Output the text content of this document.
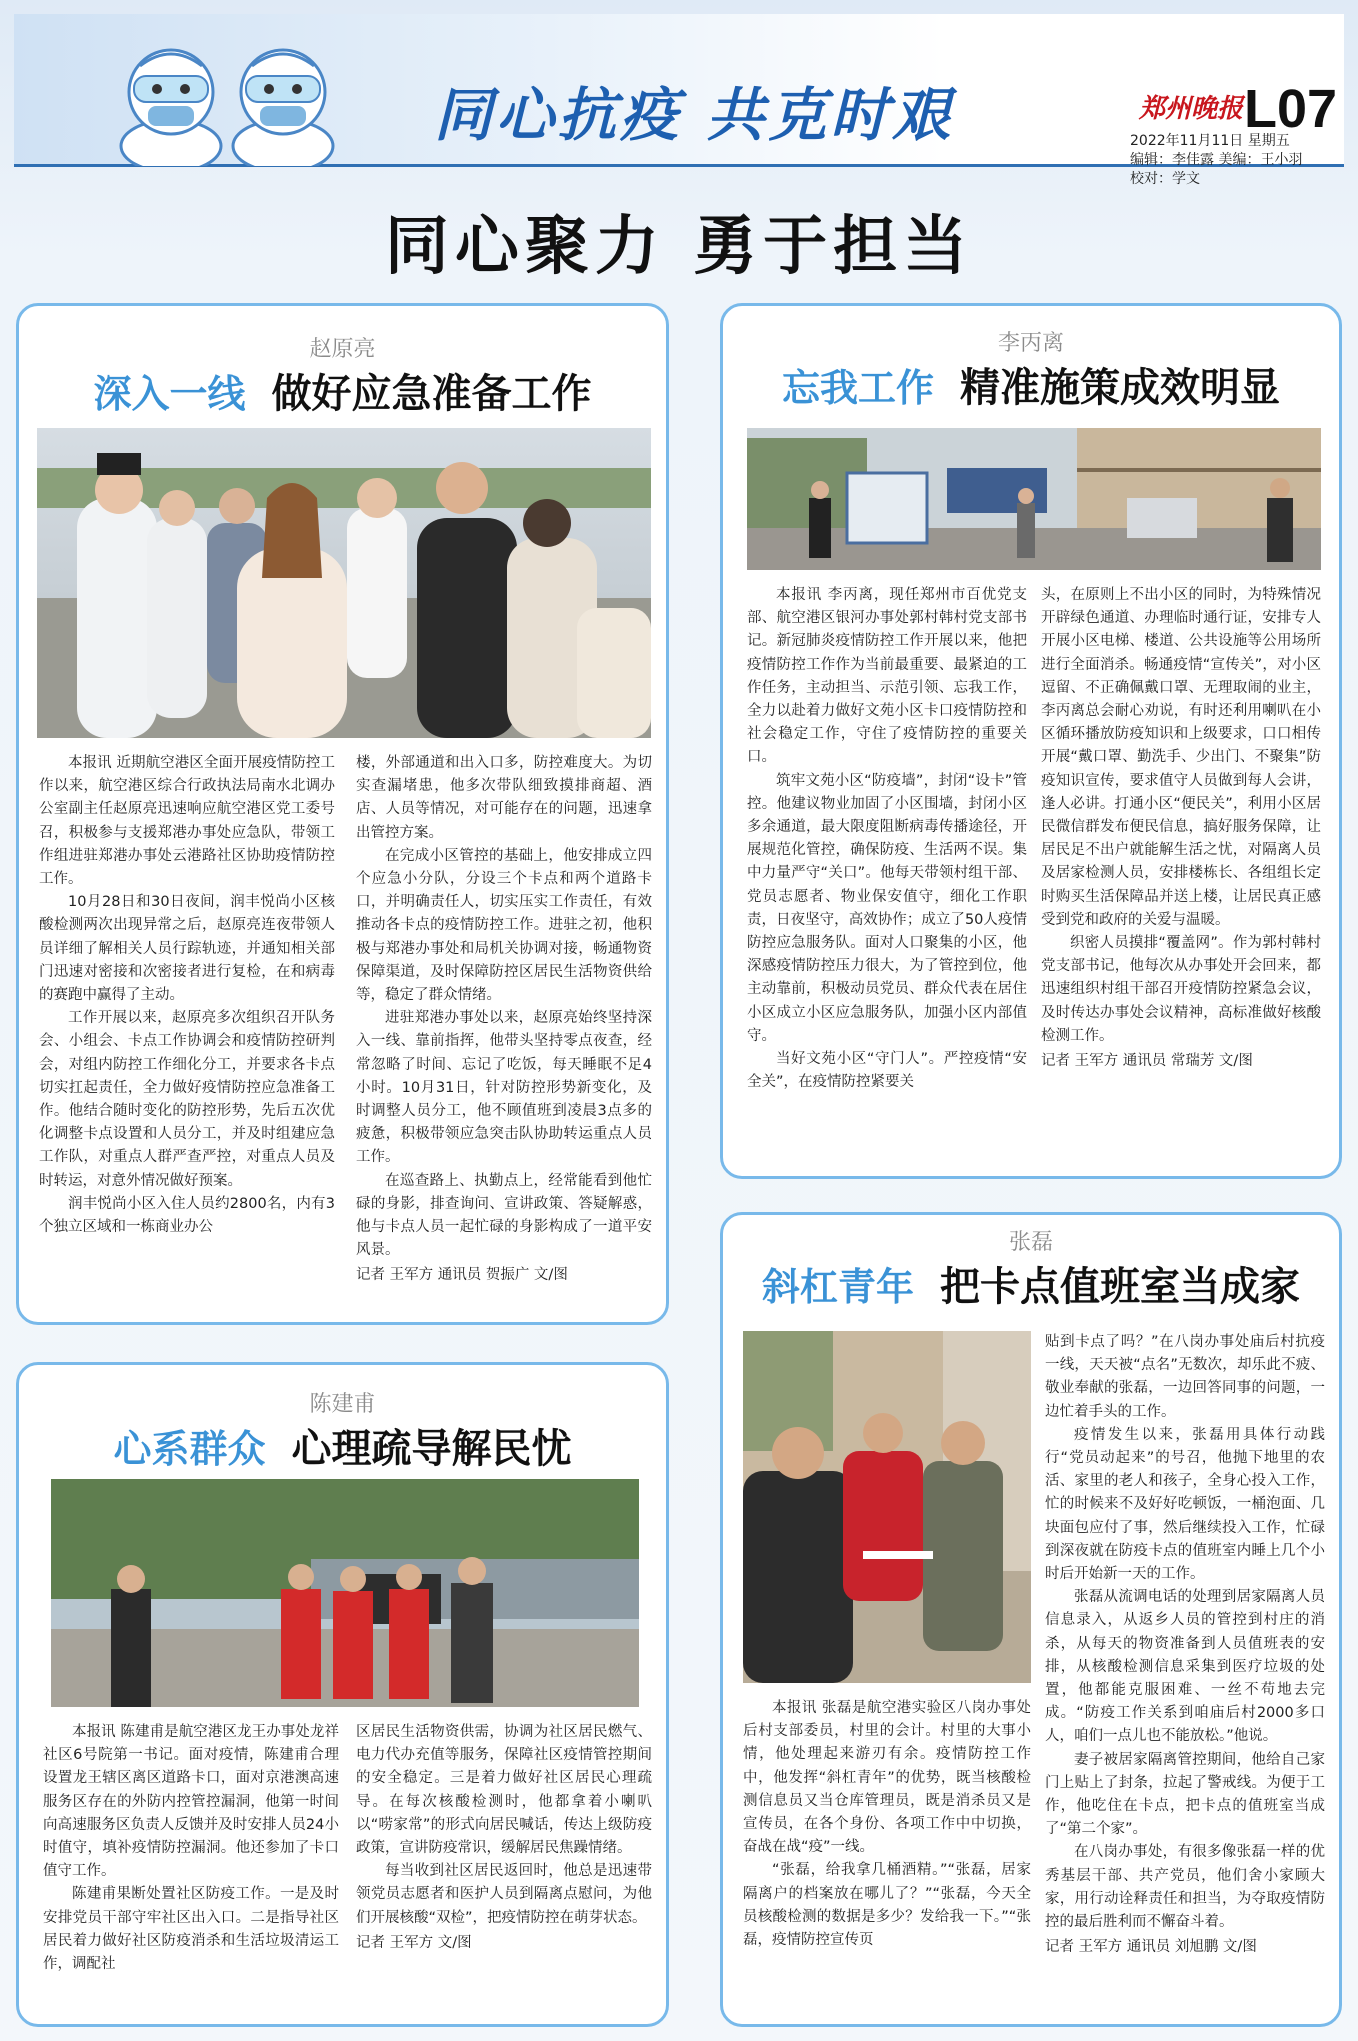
同心抗疫 共克时艰	郑州晚报 L07
2022年11月11日 星期五
编辑：李佳露 美编：王小羽
校对：学文
同心聚力 勇于担当
赵原亮
深入一线 做好应急准备工作

本报讯 近期航空港区全面开展疫情防控工作以来，航空港区综合行政执法局南水北调办公室副主任赵原亮迅速响应航空港区党工委号召，积极参与支援郑港办事处应急队，带领工作组进驻郑港办事处云港路社区协助疫情防控工作。

10月28日和30日夜间，润丰悦尚小区核酸检测两次出现异常之后，赵原亮连夜带领人员详细了解相关人员行踪轨迹，并通知相关部门迅速对密接和次密接者进行复检，在和病毒的赛跑中赢得了主动。

工作开展以来，赵原亮多次组织召开队务会、小组会、卡点工作协调会和疫情防控研判会，对组内防控工作细化分工，并要求各卡点切实扛起责任，全力做好疫情防控应急准备工作。他结合随时变化的防控形势，先后五次优化调整卡点设置和人员分工，并及时组建应急工作队，对重点人群严查严控，对重点人员及时转运，对意外情况做好预案。

润丰悦尚小区入住人员约2800名，内有3个独立区域和一栋商业办公

楼，外部通道和出入口多，防控难度大。为切实查漏堵患，他多次带队细致摸排商超、酒店、人员等情况，对可能存在的问题，迅速拿出管控方案。

在完成小区管控的基础上，他安排成立四个应急小分队，分设三个卡点和两个道路卡口，并明确责任人，切实压实工作责任，有效推动各卡点的疫情防控工作。进驻之初，他积极与郑港办事处和局机关协调对接，畅通物资保障渠道，及时保障防控区居民生活物资供给等，稳定了群众情绪。

进驻郑港办事处以来，赵原亮始终坚持深入一线、靠前指挥，他带头坚持零点夜查，经常忽略了时间、忘记了吃饭，每天睡眠不足4小时。10月31日，针对防控形势新变化，及时调整人员分工，他不顾值班到凌晨3点多的疲惫，积极带领应急突击队协助转运重点人员工作。

在巡查路上、执勤点上，经常能看到他忙碌的身影，排查询问、宣讲政策、答疑解惑，他与卡点人员一起忙碌的身影构成了一道平安风景。

记者 王军方 通讯员 贺振广 文/图
李丙离
忘我工作 精准施策成效明显

本报讯 李丙离，现任郑州市百优党支部、航空港区银河办事处郭村韩村党支部书记。新冠肺炎疫情防控工作开展以来，他把疫情防控工作作为当前最重要、最紧迫的工作任务，主动担当、示范引领、忘我工作，全力以赴着力做好文苑小区卡口疫情防控和社会稳定工作，守住了疫情防控的重要关口。

筑牢文苑小区“防疫墙”，封闭“设卡”管控。他建议物业加固了小区围墙，封闭小区多余通道，最大限度阻断病毒传播途径，开展规范化管控，确保防疫、生活两不误。集中力量严守“关口”。他每天带领村组干部、党员志愿者、物业保安值守，细化工作职责，日夜坚守，高效协作；成立了50人疫情防控应急服务队。面对人口聚集的小区，他深感疫情防控压力很大，为了管控到位，他主动靠前，积极动员党员、群众代表在居住小区成立小区应急服务队，加强小区内部值守。

当好文苑小区“守门人”。严控疫情“安全关”，在疫情防控紧要关

头，在原则上不出小区的同时，为特殊情况开辟绿色通道、办理临时通行证，安排专人开展小区电梯、楼道、公共设施等公用场所进行全面消杀。畅通疫情“宣传关”，对小区逗留、不正确佩戴口罩、无理取闹的业主，李丙离总会耐心劝说，有时还利用喇叭在小区循环播放防疫知识和上级要求，口口相传开展“戴口罩、勤洗手、少出门、不聚集”防疫知识宣传，要求值守人员做到每人会讲，逢人必讲。打通小区“便民关”，利用小区居民微信群发布便民信息，搞好服务保障，让居民足不出户就能解生活之忧，对隔离人员及居家检测人员，安排楼栋长、各组组长定时购买生活保障品并送上楼，让居民真正感受到党和政府的关爱与温暖。

织密人员摸排“覆盖网”。作为郭村韩村党支部书记，他每次从办事处开会回来，都迅速组织村组干部召开疫情防控紧急会议，及时传达办事处会议精神，高标准做好核酸检测工作。

记者 王军方 通讯员 常瑞芳 文/图
陈建甫
心系群众 心理疏导解民忧

本报讯 陈建甫是航空港区龙王办事处龙祥社区6号院第一书记。面对疫情，陈建甫合理设置龙王辖区离区道路卡口，面对京港澳高速服务区存在的外防内控管控漏洞，他第一时间向高速服务区负责人反馈并及时安排人员24小时值守，填补疫情防控漏洞。他还参加了卡口值守工作。

陈建甫果断处置社区防疫工作。一是及时安排党员干部守牢社区出入口。二是指导社区居民着力做好社区防疫消杀和生活垃圾清运工作，调配社

区居民生活物资供需，协调为社区居民燃气、电力代办充值等服务，保障社区疫情管控期间的安全稳定。三是着力做好社区居民心理疏导。在每次核酸检测时，他都拿着小喇叭以“唠家常”的形式向居民喊话，传达上级防疫政策，宣讲防疫常识，缓解居民焦躁情绪。

每当收到社区居民返回时，他总是迅速带领党员志愿者和医护人员到隔离点慰问，为他们开展核酸“双检”，把疫情防控在萌芽状态。

记者 王军方 文/图
张磊
斜杠青年 把卡点值班室当成家

本报讯 张磊是航空港实验区八岗办事处后村支部委员，村里的会计。村里的大事小情，他处理起来游刃有余。疫情防控工作中，他发挥“斜杠青年”的优势，既当核酸检测信息员又当仓库管理员，既是消杀员又是宣传员，在各个身份、各项工作中中切换，奋战在战“疫”一线。

“张磊，给我拿几桶酒精。”“张磊，居家隔离户的档案放在哪儿了？”“张磊，今天全员核酸检测的数据是多少？发给我一下。”“张磊，疫情防控宣传页

贴到卡点了吗？”在八岗办事处庙后村抗疫一线，天天被“点名”无数次，却乐此不疲、敬业奉献的张磊，一边回答同事的问题，一边忙着手头的工作。

疫情发生以来，张磊用具体行动践行“党员动起来”的号召，他抛下地里的农活、家里的老人和孩子，全身心投入工作，忙的时候来不及好好吃顿饭，一桶泡面、几块面包应付了事，然后继续投入工作，忙碌到深夜就在防疫卡点的值班室内睡上几个小时后开始新一天的工作。

张磊从流调电话的处理到居家隔离人员信息录入，从返乡人员的管控到村庄的消杀，从每天的物资准备到人员值班表的安排，从核酸检测信息采集到医疗垃圾的处置，他都能克服困难、一丝不苟地去完成。“防疫工作关系到咱庙后村2000多口人，咱们一点儿也不能放松。”他说。

妻子被居家隔离管控期间，他给自己家门上贴上了封条，拉起了警戒线。为便于工作，他吃住在卡点，把卡点的值班室当成了“第二个家”。

在八岗办事处，有很多像张磊一样的优秀基层干部、共产党员，他们舍小家顾大家，用行动诠释责任和担当，为夺取疫情防控的最后胜利而不懈奋斗着。

记者 王军方 通讯员 刘旭鹏 文/图
